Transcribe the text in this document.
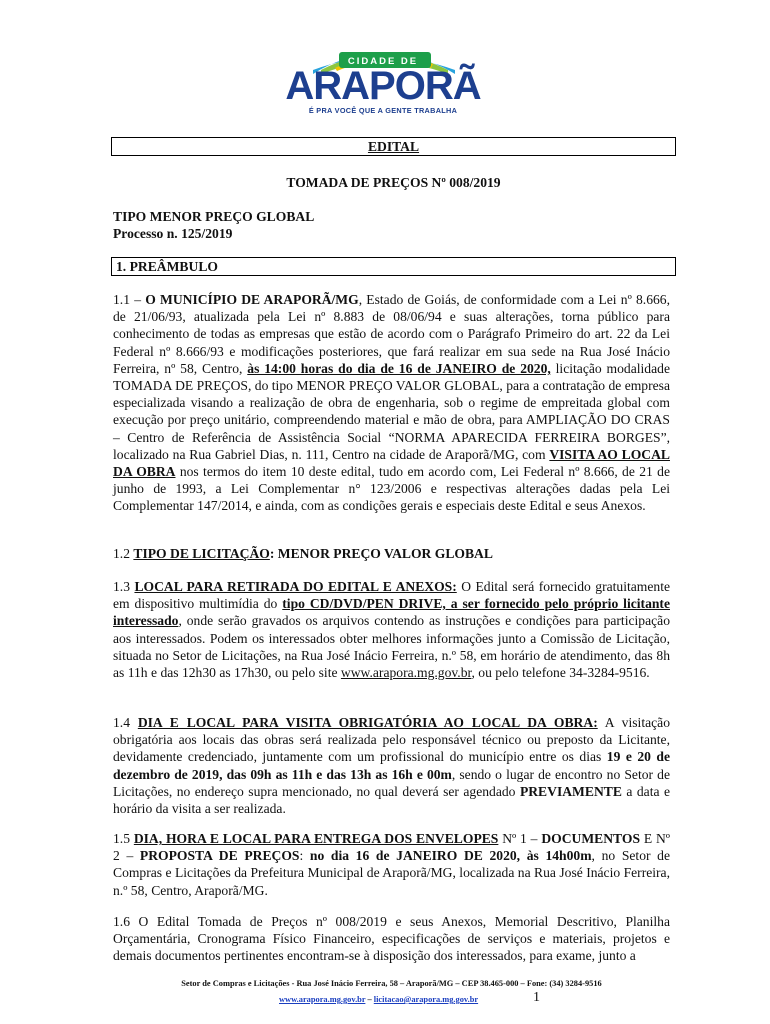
CIDADE DE
ARAPORÃ
É PRA VOCÊ QUE A GENTE TRABALHA
EDITAL
TOMADA DE PREÇOS Nº 008/2019
TIPO MENOR PREÇO GLOBAL
Processo n. 125/2019
1. PREÂMBULO
1.1 – O MUNICÍPIO DE ARAPORÃ/MG, Estado de Goiás, de conformidade com a Lei nº 8.666, de 21/06/93, atualizada pela Lei nº 8.883 de 08/06/94 e suas alterações, torna público para conhecimento de todas as empresas que estão de acordo com o Parágrafo Primeiro do art. 22 da Lei Federal nº 8.666/93 e modificações posteriores, que fará realizar em sua sede na Rua José Inácio Ferreira, nº 58, Centro, às 14:00 horas do dia de 16 de JANEIRO de 2020, licitação modalidade TOMADA DE PREÇOS, do tipo MENOR PREÇO VALOR GLOBAL, para a contratação de empresa especializada visando a realização de obra de engenharia, sob o regime de empreitada global com execução por preço unitário, compreendendo material e mão de obra, para AMPLIAÇÃO DO CRAS – Centro de Referência de Assistência Social “NORMA APARECIDA FERREIRA BORGES”, localizado na Rua Gabriel Dias, n. 111, Centro na cidade de Araporã/MG, com VISITA AO LOCAL DA OBRA nos termos do item 10 deste edital, tudo em acordo com, Lei Federal nº 8.666, de 21 de junho de 1993, a Lei Complementar n° 123/2006 e respectivas alterações dadas pela Lei Complementar 147/2014, e ainda, com as condições gerais e especiais deste Edital e seus Anexos.
1.2 TIPO DE LICITAÇÃO: MENOR PREÇO VALOR GLOBAL
1.3 LOCAL PARA RETIRADA DO EDITAL E ANEXOS: O Edital será fornecido gratuitamente em dispositivo multimídia do tipo CD/DVD/PEN DRIVE, a ser fornecido pelo próprio licitante interessado, onde serão gravados os arquivos contendo as instruções e condições para participação aos interessados. Podem os interessados obter melhores informações junto a Comissão de Licitação, situada no Setor de Licitações, na Rua José Inácio Ferreira, n.º 58, em horário de atendimento, das 8h as 11h e das 12h30 as 17h30, ou pelo site www.arapora.mg.gov.br, ou pelo telefone 34-3284-9516.
1.4 DIA E LOCAL PARA VISITA OBRIGATÓRIA AO LOCAL DA OBRA: A visitação obrigatória aos locais das obras será realizada pelo responsável técnico ou preposto da Licitante, devidamente credenciado, juntamente com um profissional do município entre os dias 19 e 20 de dezembro de 2019, das 09h as 11h e das 13h as 16h e 00m, sendo o lugar de encontro no Setor de Licitações, no endereço supra mencionado, no qual deverá ser agendado PREVIAMENTE a data e horário da visita a ser realizada.
1.5 DIA, HORA E LOCAL PARA ENTREGA DOS ENVELOPES Nº 1 – DOCUMENTOS E Nº 2 – PROPOSTA DE PREÇOS: no dia 16 de JANEIRO DE 2020, às 14h00m, no Setor de Compras e Licitações da Prefeitura Municipal de Araporã/MG, localizada na Rua José Inácio Ferreira, n.º 58, Centro, Araporã/MG.
1.6 O Edital Tomada de Preços nº 008/2019 e seus Anexos, Memorial Descritivo, Planilha Orçamentária, Cronograma Físico Financeiro, especificações de serviços e materiais, projetos e demais documentos pertinentes encontram-se à disposição dos interessados, para exame, junto a
Setor de Compras e Licitações - Rua José Inácio Ferreira, 58 – Araporã/MG – CEP 38.465-000 – Fone: (34) 3284-9516
www.arapora.mg.gov.br – licitacao@arapora.mg.gov.br	1
